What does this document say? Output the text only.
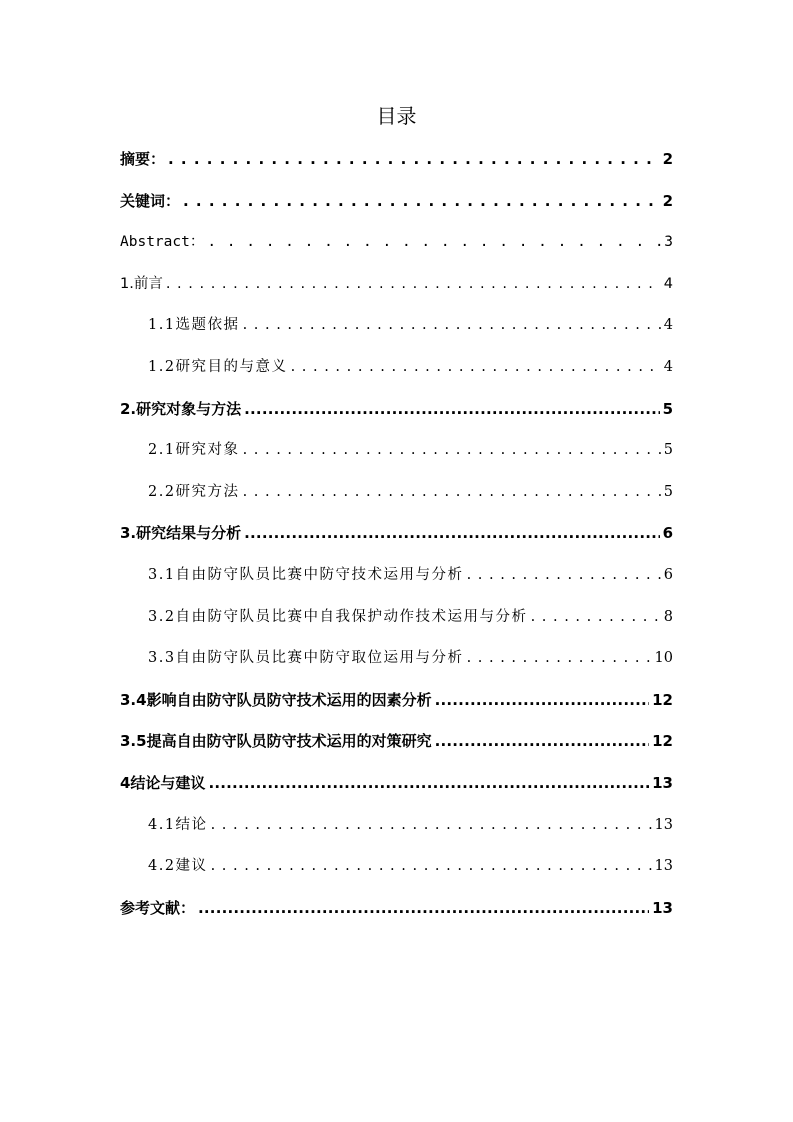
目录
摘要： . . .	2
关键词： . . .	2
Abstract： . . .	3
1.前言 . . .	4
1.1选题依据 . . .	4
1.2研究目的与意义 . . .	4
2.研究对象与方法 .....	5
2.1研究对象 . . .	5
2.2研究方法 . . .	5
3.研究结果与分析 .....	6
3.1自由防守队员比赛中防守技术运用与分析 . . .	6
3.2自由防守队员比赛中自我保护动作技术运用与分析 . . .	8
3.3自由防守队员比赛中防守取位运用与分析 . . .	10
3.4影响自由防守队员防守技术运用的因素分析 .....	12
3.5提高自由防守队员防守技术运用的对策研究 .....	12
4结论与建议 .....	13
4.1结论 . . .	13
4.2建议 . . .	13
参考文献： .....	13
